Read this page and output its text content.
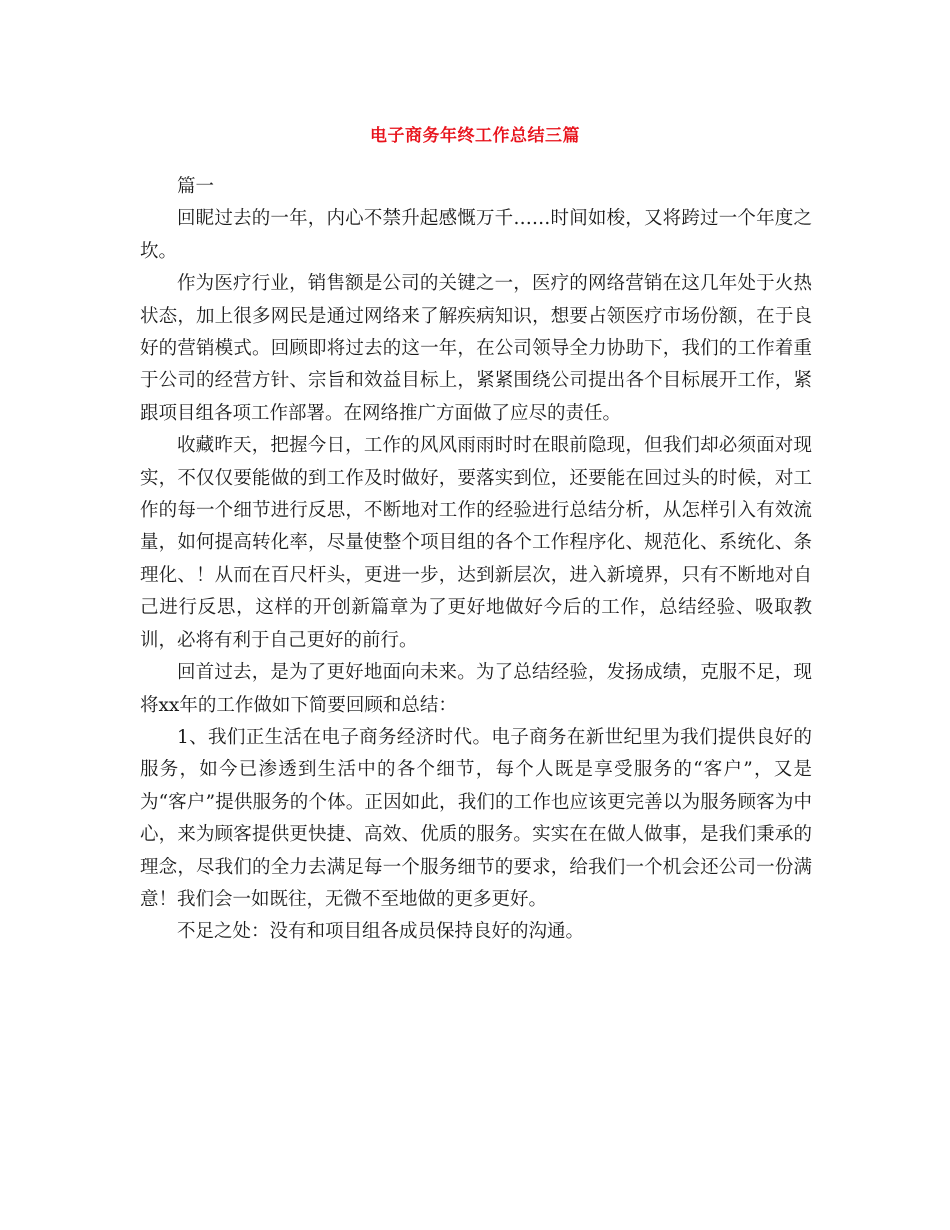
电子商务年终工作总结三篇

篇一

回眤过去的一年，内心不禁升起感慨万千……时间如梭，又将跨过一个年度之坎。

作为医疗行业，销售额是公司的关键之一，医疗的网络营销在这几年处于火热状态，加上很多网民是通过网络来了解疾病知识，想要占领医疗市场份额，在于良好的营销模式。回顾即将过去的这一年，在公司领导全力协助下，我们的工作着重于公司的经营方针、宗旨和效益目标上，紧紧围绕公司提出各个目标展开工作，紧跟项目组各项工作部署。在网络推广方面做了应尽的责任。

收藏昨天，把握今日，工作的风风雨雨时时在眼前隐现，但我们却必须面对现实，不仅仅要能做的到工作及时做好，要落实到位，还要能在回过头的时候，对工作的每一个细节进行反思，不断地对工作的经验进行总结分析，从怎样引入有效流量，如何提高转化率，尽量使整个项目组的各个工作程序化、规范化、系统化、条理化、！从而在百尺杆头，更进一步，达到新层次，进入新境界，只有不断地对自己进行反思，这样的开创新篇章为了更好地做好今后的工作，总结经验、吸取教训，必将有利于自己更好的前行。

回首过去，是为了更好地面向未来。为了总结经验，发扬成绩，克服不足，现将xx年的工作做如下简要回顾和总结：

1、我们正生活在电子商务经济时代。电子商务在新世纪里为我们提供良好的服务，如今已渗透到生活中的各个细节，每个人既是享受服务的“客户”，又是为“客户”提供服务的个体。正因如此，我们的工作也应该更完善以为服务顾客为中心，来为顾客提供更快捷、高效、优质的服务。实实在在做人做事，是我们秉承的理念，尽我们的全力去满足每一个服务细节的要求，给我们一个机会还公司一份满意！我们会一如既往，无微不至地做的更多更好。

不足之处：没有和项目组各成员保持良好的沟通。
